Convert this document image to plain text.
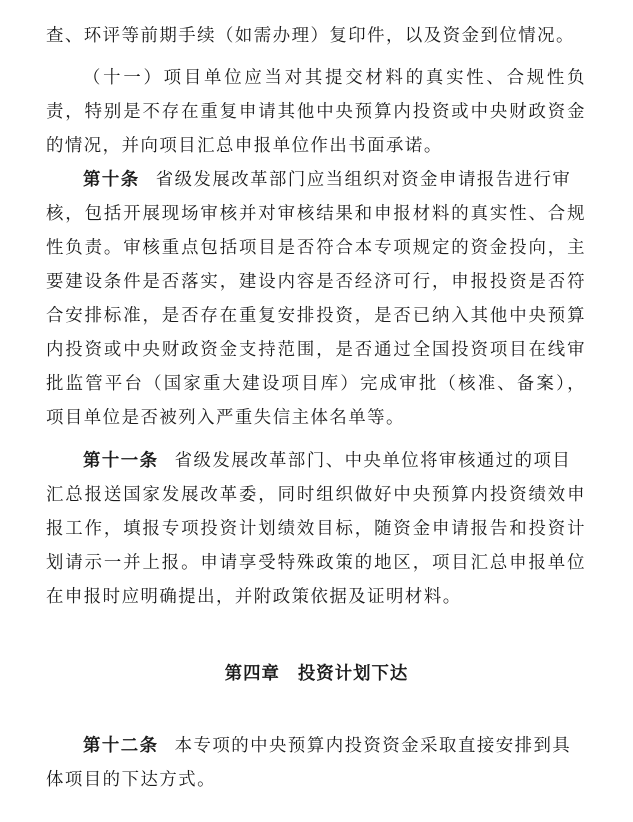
查、环评等前期手续（如需办理）复印件，以及资金到位情况。
（十一）项目单位应当对其提交材料的真实性、合规性负
责，特别是不存在重复申请其他中央预算内投资或中央财政资金
的情况，并向项目汇总申报单位作出书面承诺。
第十条 省级发展改革部门应当组织对资金申请报告进行审
核，包括开展现场审核并对审核结果和申报材料的真实性、合规
性负责。审核重点包括项目是否符合本专项规定的资金投向，主
要建设条件是否落实，建设内容是否经济可行，申报投资是否符
合安排标准，是否存在重复安排投资，是否已纳入其他中央预算
内投资或中央财政资金支持范围，是否通过全国投资项目在线审
批监管平台（国家重大建设项目库）完成审批（核准、备案），
项目单位是否被列入严重失信主体名单等。
第十一条 省级发展改革部门、中央单位将审核通过的项目
汇总报送国家发展改革委，同时组织做好中央预算内投资绩效申
报工作，填报专项投资计划绩效目标，随资金申请报告和投资计
划请示一并上报。申请享受特殊政策的地区，项目汇总申报单位
在申报时应明确提出，并附政策依据及证明材料。
第四章 投资计划下达
第十二条 本专项的中央预算内投资资金采取直接安排到具
体项目的下达方式。
